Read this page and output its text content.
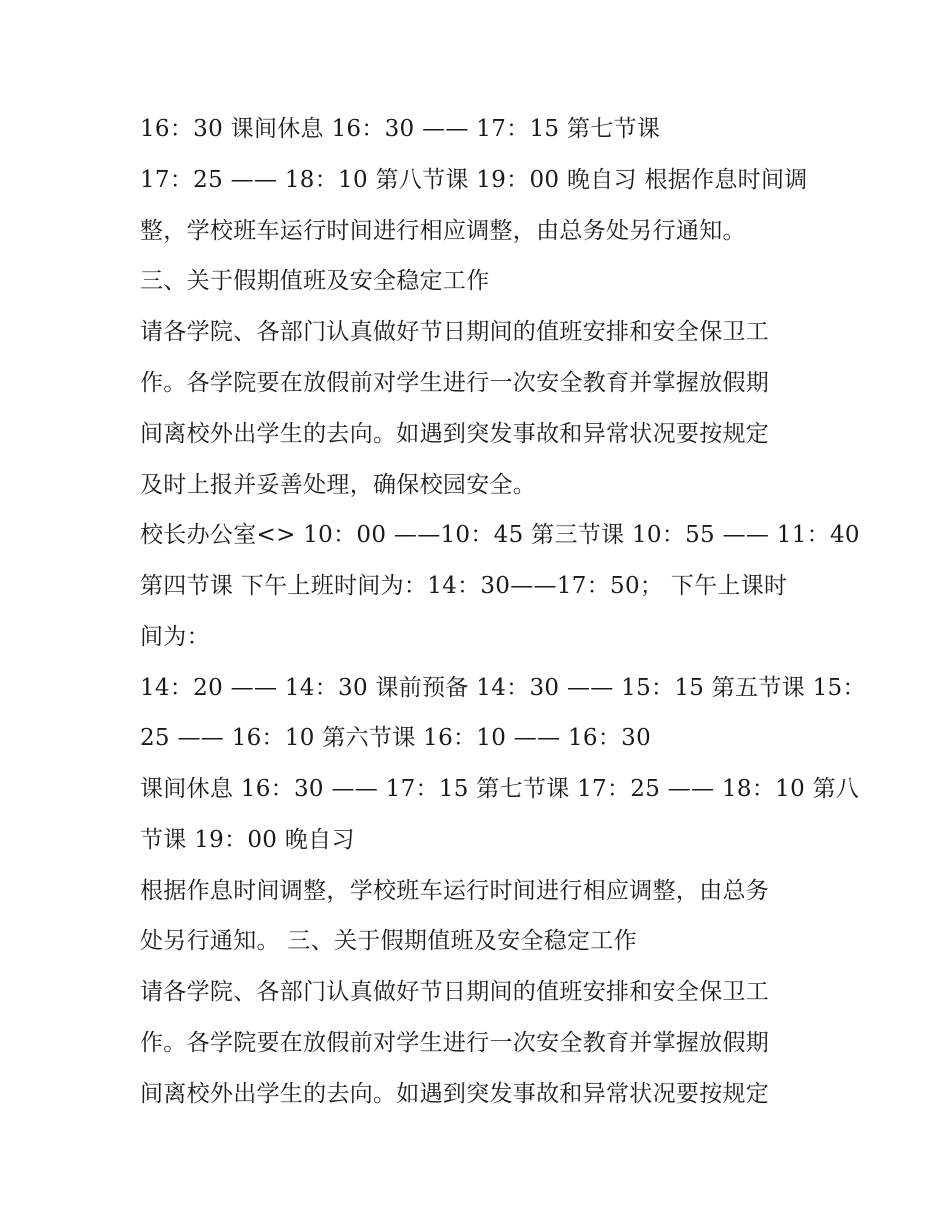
16：30 课间休息 16：30 —— 17：15 第七节课
17：25 —— 18：10 第八节课 19：00 晚自习 根据作息时间调
整，学校班车运行时间进行相应调整，由总务处另行通知。
三、关于假期值班及安全稳定工作
请各学院、各部门认真做好节日期间的值班安排和安全保卫工
作。各学院要在放假前对学生进行一次安全教育并掌握放假期
间离校外出学生的去向。如遇到突发事故和异常状况要按规定
及时上报并妥善处理，确保校园安全。
校长办公室<> 10：00 ——10：45 第三节课 10：55 —— 11：40
第四节课 下午上班时间为：14：30——17：50； 下午上课时
间为：
14：20 —— 14：30 课前预备 14：30 —— 15：15 第五节课 15：
25 —— 16：10 第六节课 16：10 —— 16：30
课间休息 16：30 —— 17：15 第七节课 17：25 —— 18：10 第八
节课 19：00 晚自习
根据作息时间调整，学校班车运行时间进行相应调整，由总务
处另行通知。 三、关于假期值班及安全稳定工作
请各学院、各部门认真做好节日期间的值班安排和安全保卫工
作。各学院要在放假前对学生进行一次安全教育并掌握放假期
间离校外出学生的去向。如遇到突发事故和异常状况要按规定
